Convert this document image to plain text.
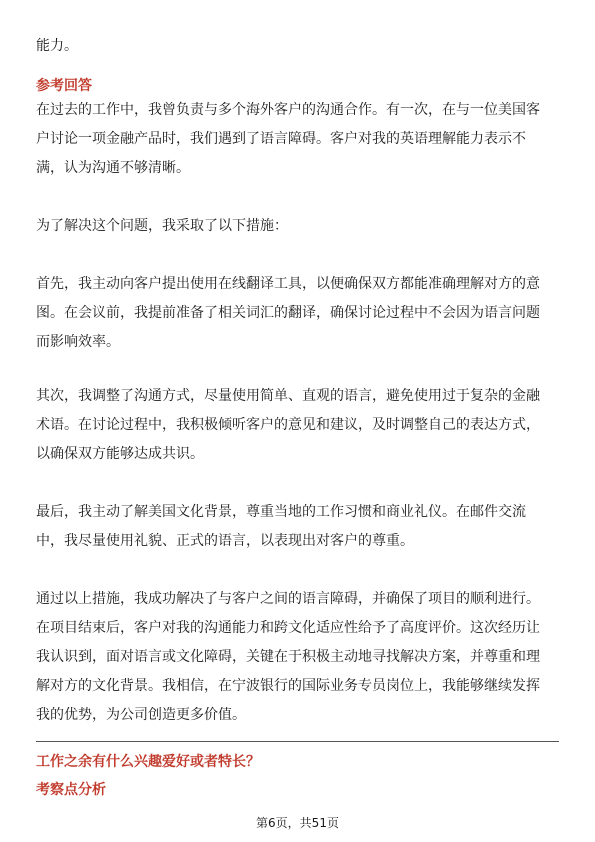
能力。
参考回答
在过去的工作中，我曾负责与多个海外客户的沟通合作。有一次，在与一位美国客
户讨论一项金融产品时，我们遇到了语言障碍。客户对我的英语理解能力表示不
满，认为沟通不够清晰。
为了解决这个问题，我采取了以下措施：
首先，我主动向客户提出使用在线翻译工具，以便确保双方都能准确理解对方的意
图。在会议前，我提前准备了相关词汇的翻译，确保讨论过程中不会因为语言问题
而影响效率。
其次，我调整了沟通方式，尽量使用简单、直观的语言，避免使用过于复杂的金融
术语。在讨论过程中，我积极倾听客户的意见和建议，及时调整自己的表达方式，
以确保双方能够达成共识。
最后，我主动了解美国文化背景，尊重当地的工作习惯和商业礼仪。在邮件交流
中，我尽量使用礼貌、正式的语言，以表现出对客户的尊重。
通过以上措施，我成功解决了与客户之间的语言障碍，并确保了项目的顺利进行。
在项目结束后，客户对我的沟通能力和跨文化适应性给予了高度评价。这次经历让
我认识到，面对语言或文化障碍，关键在于积极主动地寻找解决方案，并尊重和理
解对方的文化背景。我相信，在宁波银行的国际业务专员岗位上，我能够继续发挥
我的优势，为公司创造更多价值。
工作之余有什么兴趣爱好或者特长？
考察点分析
第6页，共51页
